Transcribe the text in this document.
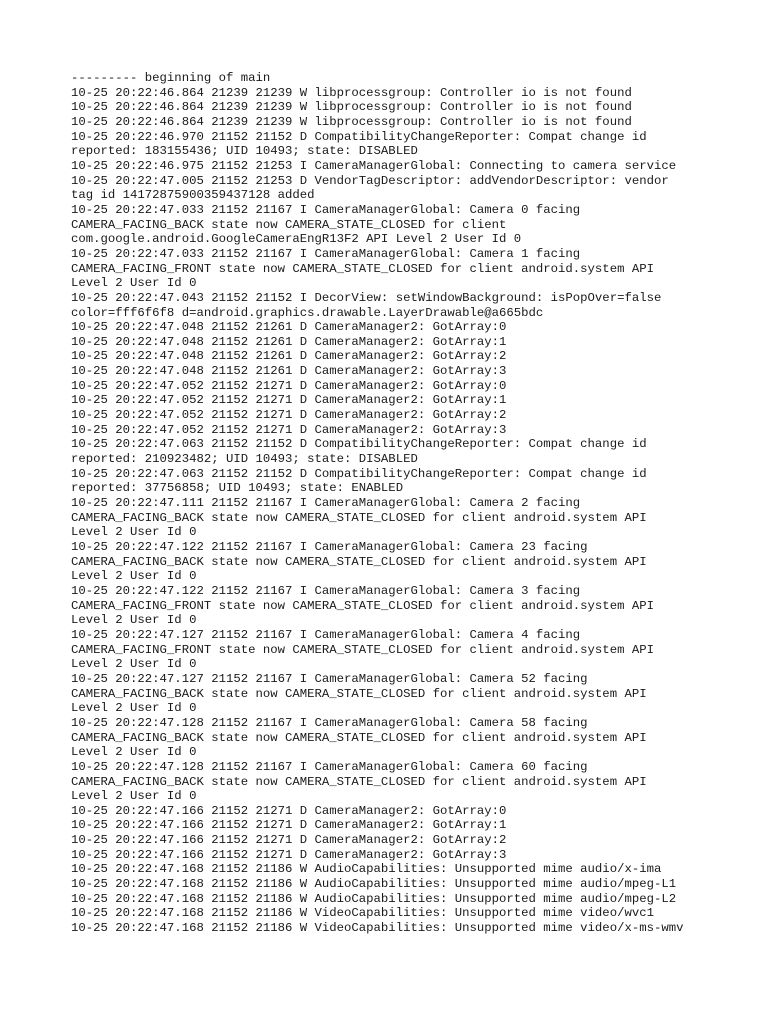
--------- beginning of main
10-25 20:22:46.864 21239 21239 W libprocessgroup: Controller io is not found
10-25 20:22:46.864 21239 21239 W libprocessgroup: Controller io is not found
10-25 20:22:46.864 21239 21239 W libprocessgroup: Controller io is not found
10-25 20:22:46.970 21152 21152 D CompatibilityChangeReporter: Compat change id
reported: 183155436; UID 10493; state: DISABLED
10-25 20:22:46.975 21152 21253 I CameraManagerGlobal: Connecting to camera service
10-25 20:22:47.005 21152 21253 D VendorTagDescriptor: addVendorDescriptor: vendor
tag id 14172875900359437128 added
10-25 20:22:47.033 21152 21167 I CameraManagerGlobal: Camera 0 facing
CAMERA_FACING_BACK state now CAMERA_STATE_CLOSED for client
com.google.android.GoogleCameraEngR13F2 API Level 2 User Id 0
10-25 20:22:47.033 21152 21167 I CameraManagerGlobal: Camera 1 facing
CAMERA_FACING_FRONT state now CAMERA_STATE_CLOSED for client android.system API
Level 2 User Id 0
10-25 20:22:47.043 21152 21152 I DecorView: setWindowBackground: isPopOver=false
color=fff6f6f8 d=android.graphics.drawable.LayerDrawable@a665bdc
10-25 20:22:47.048 21152 21261 D CameraManager2: GotArray:0
10-25 20:22:47.048 21152 21261 D CameraManager2: GotArray:1
10-25 20:22:47.048 21152 21261 D CameraManager2: GotArray:2
10-25 20:22:47.048 21152 21261 D CameraManager2: GotArray:3
10-25 20:22:47.052 21152 21271 D CameraManager2: GotArray:0
10-25 20:22:47.052 21152 21271 D CameraManager2: GotArray:1
10-25 20:22:47.052 21152 21271 D CameraManager2: GotArray:2
10-25 20:22:47.052 21152 21271 D CameraManager2: GotArray:3
10-25 20:22:47.063 21152 21152 D CompatibilityChangeReporter: Compat change id
reported: 210923482; UID 10493; state: DISABLED
10-25 20:22:47.063 21152 21152 D CompatibilityChangeReporter: Compat change id
reported: 37756858; UID 10493; state: ENABLED
10-25 20:22:47.111 21152 21167 I CameraManagerGlobal: Camera 2 facing
CAMERA_FACING_BACK state now CAMERA_STATE_CLOSED for client android.system API
Level 2 User Id 0
10-25 20:22:47.122 21152 21167 I CameraManagerGlobal: Camera 23 facing
CAMERA_FACING_BACK state now CAMERA_STATE_CLOSED for client android.system API
Level 2 User Id 0
10-25 20:22:47.122 21152 21167 I CameraManagerGlobal: Camera 3 facing
CAMERA_FACING_FRONT state now CAMERA_STATE_CLOSED for client android.system API
Level 2 User Id 0
10-25 20:22:47.127 21152 21167 I CameraManagerGlobal: Camera 4 facing
CAMERA_FACING_FRONT state now CAMERA_STATE_CLOSED for client android.system API
Level 2 User Id 0
10-25 20:22:47.127 21152 21167 I CameraManagerGlobal: Camera 52 facing
CAMERA_FACING_BACK state now CAMERA_STATE_CLOSED for client android.system API
Level 2 User Id 0
10-25 20:22:47.128 21152 21167 I CameraManagerGlobal: Camera 58 facing
CAMERA_FACING_BACK state now CAMERA_STATE_CLOSED for client android.system API
Level 2 User Id 0
10-25 20:22:47.128 21152 21167 I CameraManagerGlobal: Camera 60 facing
CAMERA_FACING_BACK state now CAMERA_STATE_CLOSED for client android.system API
Level 2 User Id 0
10-25 20:22:47.166 21152 21271 D CameraManager2: GotArray:0
10-25 20:22:47.166 21152 21271 D CameraManager2: GotArray:1
10-25 20:22:47.166 21152 21271 D CameraManager2: GotArray:2
10-25 20:22:47.166 21152 21271 D CameraManager2: GotArray:3
10-25 20:22:47.168 21152 21186 W AudioCapabilities: Unsupported mime audio/x-ima
10-25 20:22:47.168 21152 21186 W AudioCapabilities: Unsupported mime audio/mpeg-L1
10-25 20:22:47.168 21152 21186 W AudioCapabilities: Unsupported mime audio/mpeg-L2
10-25 20:22:47.168 21152 21186 W VideoCapabilities: Unsupported mime video/wvc1
10-25 20:22:47.168 21152 21186 W VideoCapabilities: Unsupported mime video/x-ms-wmv
